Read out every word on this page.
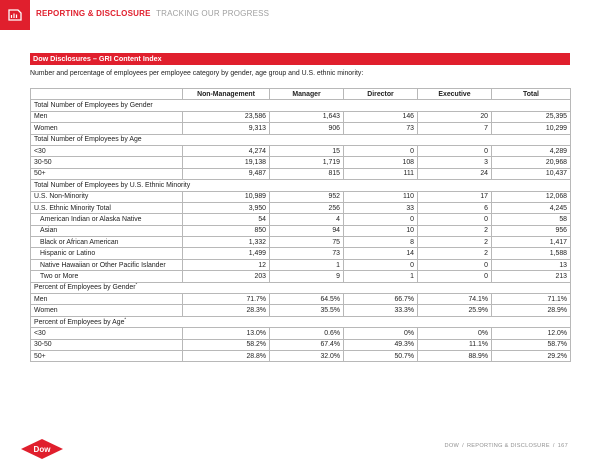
REPORTING & DISCLOSURE TRACKING OUR PROGRESS
Dow Disclosures – GRI Content Index
Number and percentage of employees per employee category by gender, age group and U.S. ethnic minority:
	Non-Management	Manager	Director	Executive	Total
Total Number of Employees by Gender					
Men	23,586	1,643	146	20	25,395
Women	9,313	906	73	7	10,299
Total Number of Employees by Age					
<30	4,274	15	0	0	4,289
30-50	19,138	1,719	108	3	20,968
50+	9,487	815	111	24	10,437
Total Number of Employees by U.S. Ethnic Minority					
U.S. Non-Minority	10,989	952	110	17	12,068
U.S. Ethnic Minority Total	3,950	256	33	6	4,245
American Indian or Alaska Native	54	4	0	0	58
Asian	850	94	10	2	956
Black or African American	1,332	75	8	2	1,417
Hispanic or Latino	1,499	73	14	2	1,588
Native Hawaiian or Other Pacific Islander	12	1	0	0	13
Two or More	203	9	1	0	213
Percent of Employees by Gender*
Men	71.7%	64.5%	66.7%	74.1%	71.1%
Women	28.3%	35.5%	33.3%	25.9%	28.9%
Percent of Employees by Age*
<30	13.0%	0.6%	0%	0%	12.0%
30-50	58.2%	67.4%	49.3%	11.1%	58.7%
50+	28.8%	32.0%	50.7%	88.9%	29.2%
Dow	DOW / REPORTING & DISCLOSURE / 167
